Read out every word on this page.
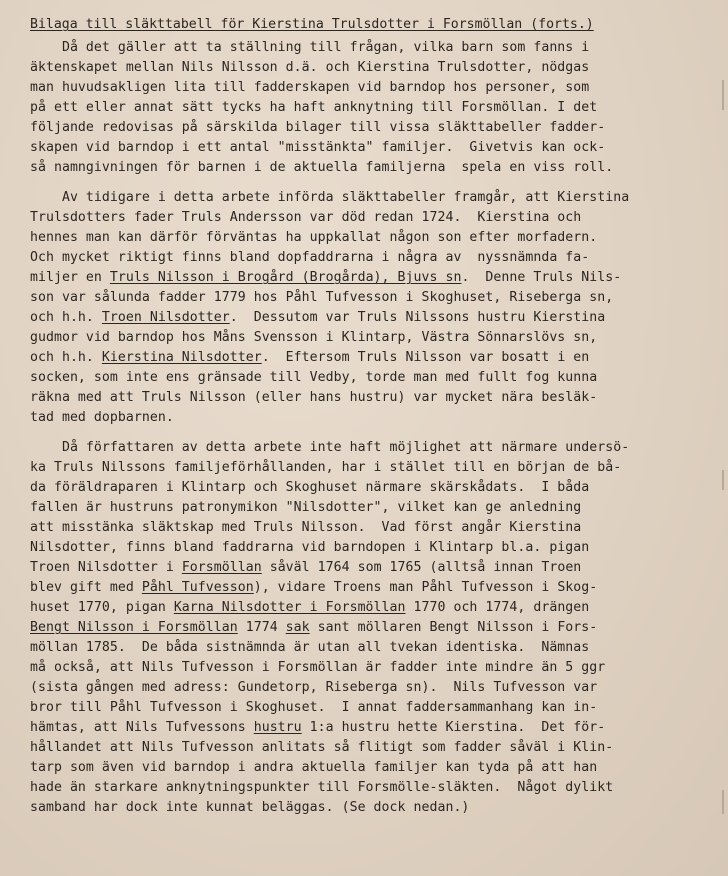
Bilaga till släkttabell för Kierstina Trulsdotter i Forsmöllan (forts.)
Då det gäller att ta ställning till frågan, vilka barn som fanns i
äktenskapet mellan Nils Nilsson d.ä. och Kierstina Trulsdotter, nödgas
man huvudsakligen lita till fadderskapen vid barndop hos personer, som
på ett eller annat sätt tycks ha haft anknytning till Forsmöllan. I det
följande redovisas på särskilda bilager till vissa släkttabeller fadder-
skapen vid barndop i ett antal "misstänkta" familjer.  Givetvis kan ock-
så namngivningen för barnen i de aktuella familjerna  spela en viss roll.
Av tidigare i detta arbete införda släkttabeller framgår, att Kierstina
Trulsdotters fader Truls Andersson var död redan 1724.  Kierstina och
hennes man kan därför förväntas ha uppkallat någon son efter morfadern.
Och mycket riktigt finns bland dopfaddrarna i några av  nyssnämnda fa-
miljer en Truls Nilsson i Brogård (Brogårda), Bjuvs sn.  Denne Truls Nils-
son var sålunda fadder 1779 hos Påhl Tufvesson i Skoghuset, Riseberga sn,
och h.h. Troen Nilsdotter.  Dessutom var Truls Nilssons hustru Kierstina
gudmor vid barndop hos Måns Svensson i Klintarp, Västra Sönnarslövs sn,
och h.h. Kierstina Nilsdotter.  Eftersom Truls Nilsson var bosatt i en
socken, som inte ens gränsade till Vedby, torde man med fullt fog kunna
räkna med att Truls Nilsson (eller hans hustru) var mycket nära besläk-
tad med dopbarnen.
Då författaren av detta arbete inte haft möjlighet att närmare undersö-
ka Truls Nilssons familjeförhållanden, har i stället till en början de bå-
da föräldraparen i Klintarp och Skoghuset närmare skärskådats.  I båda
fallen är hustruns patronymikon "Nilsdotter", vilket kan ge anledning
att misstänka släktskap med Truls Nilsson.  Vad först angår Kierstina
Nilsdotter, finns bland faddrarna vid barndopen i Klintarp bl.a. pigan
Troen Nilsdotter i Forsmöllan såväl 1764 som 1765 (alltså innan Troen
blev gift med Påhl Tufvesson), vidare Troens man Påhl Tufvesson i Skog-
huset 1770, pigan Karna Nilsdotter i Forsmöllan 1770 och 1774, drängen
Bengt Nilsson i Forsmöllan 1774 sak sant möllaren Bengt Nilsson i Fors-
möllan 1785.  De båda sistnämnda är utan all tvekan identiska.  Nämnas
må också, att Nils Tufvesson i Forsmöllan är fadder inte mindre än 5 ggr
(sista gången med adress: Gundetorp, Riseberga sn).  Nils Tufvesson var
bror till Påhl Tufvesson i Skoghuset.  I annat faddersammanhang kan in-
hämtas, att Nils Tufvessons hustru 1:a hustru hette Kierstina.  Det för-
hållandet att Nils Tufvesson anlitats så flitigt som fadder såväl i Klin-
tarp som även vid barndop i andra aktuella familjer kan tyda på att han
hade än starkare anknytningspunkter till Forsmölle-släkten.  Något dylikt
samband har dock inte kunnat beläggas. (Se dock nedan.)
